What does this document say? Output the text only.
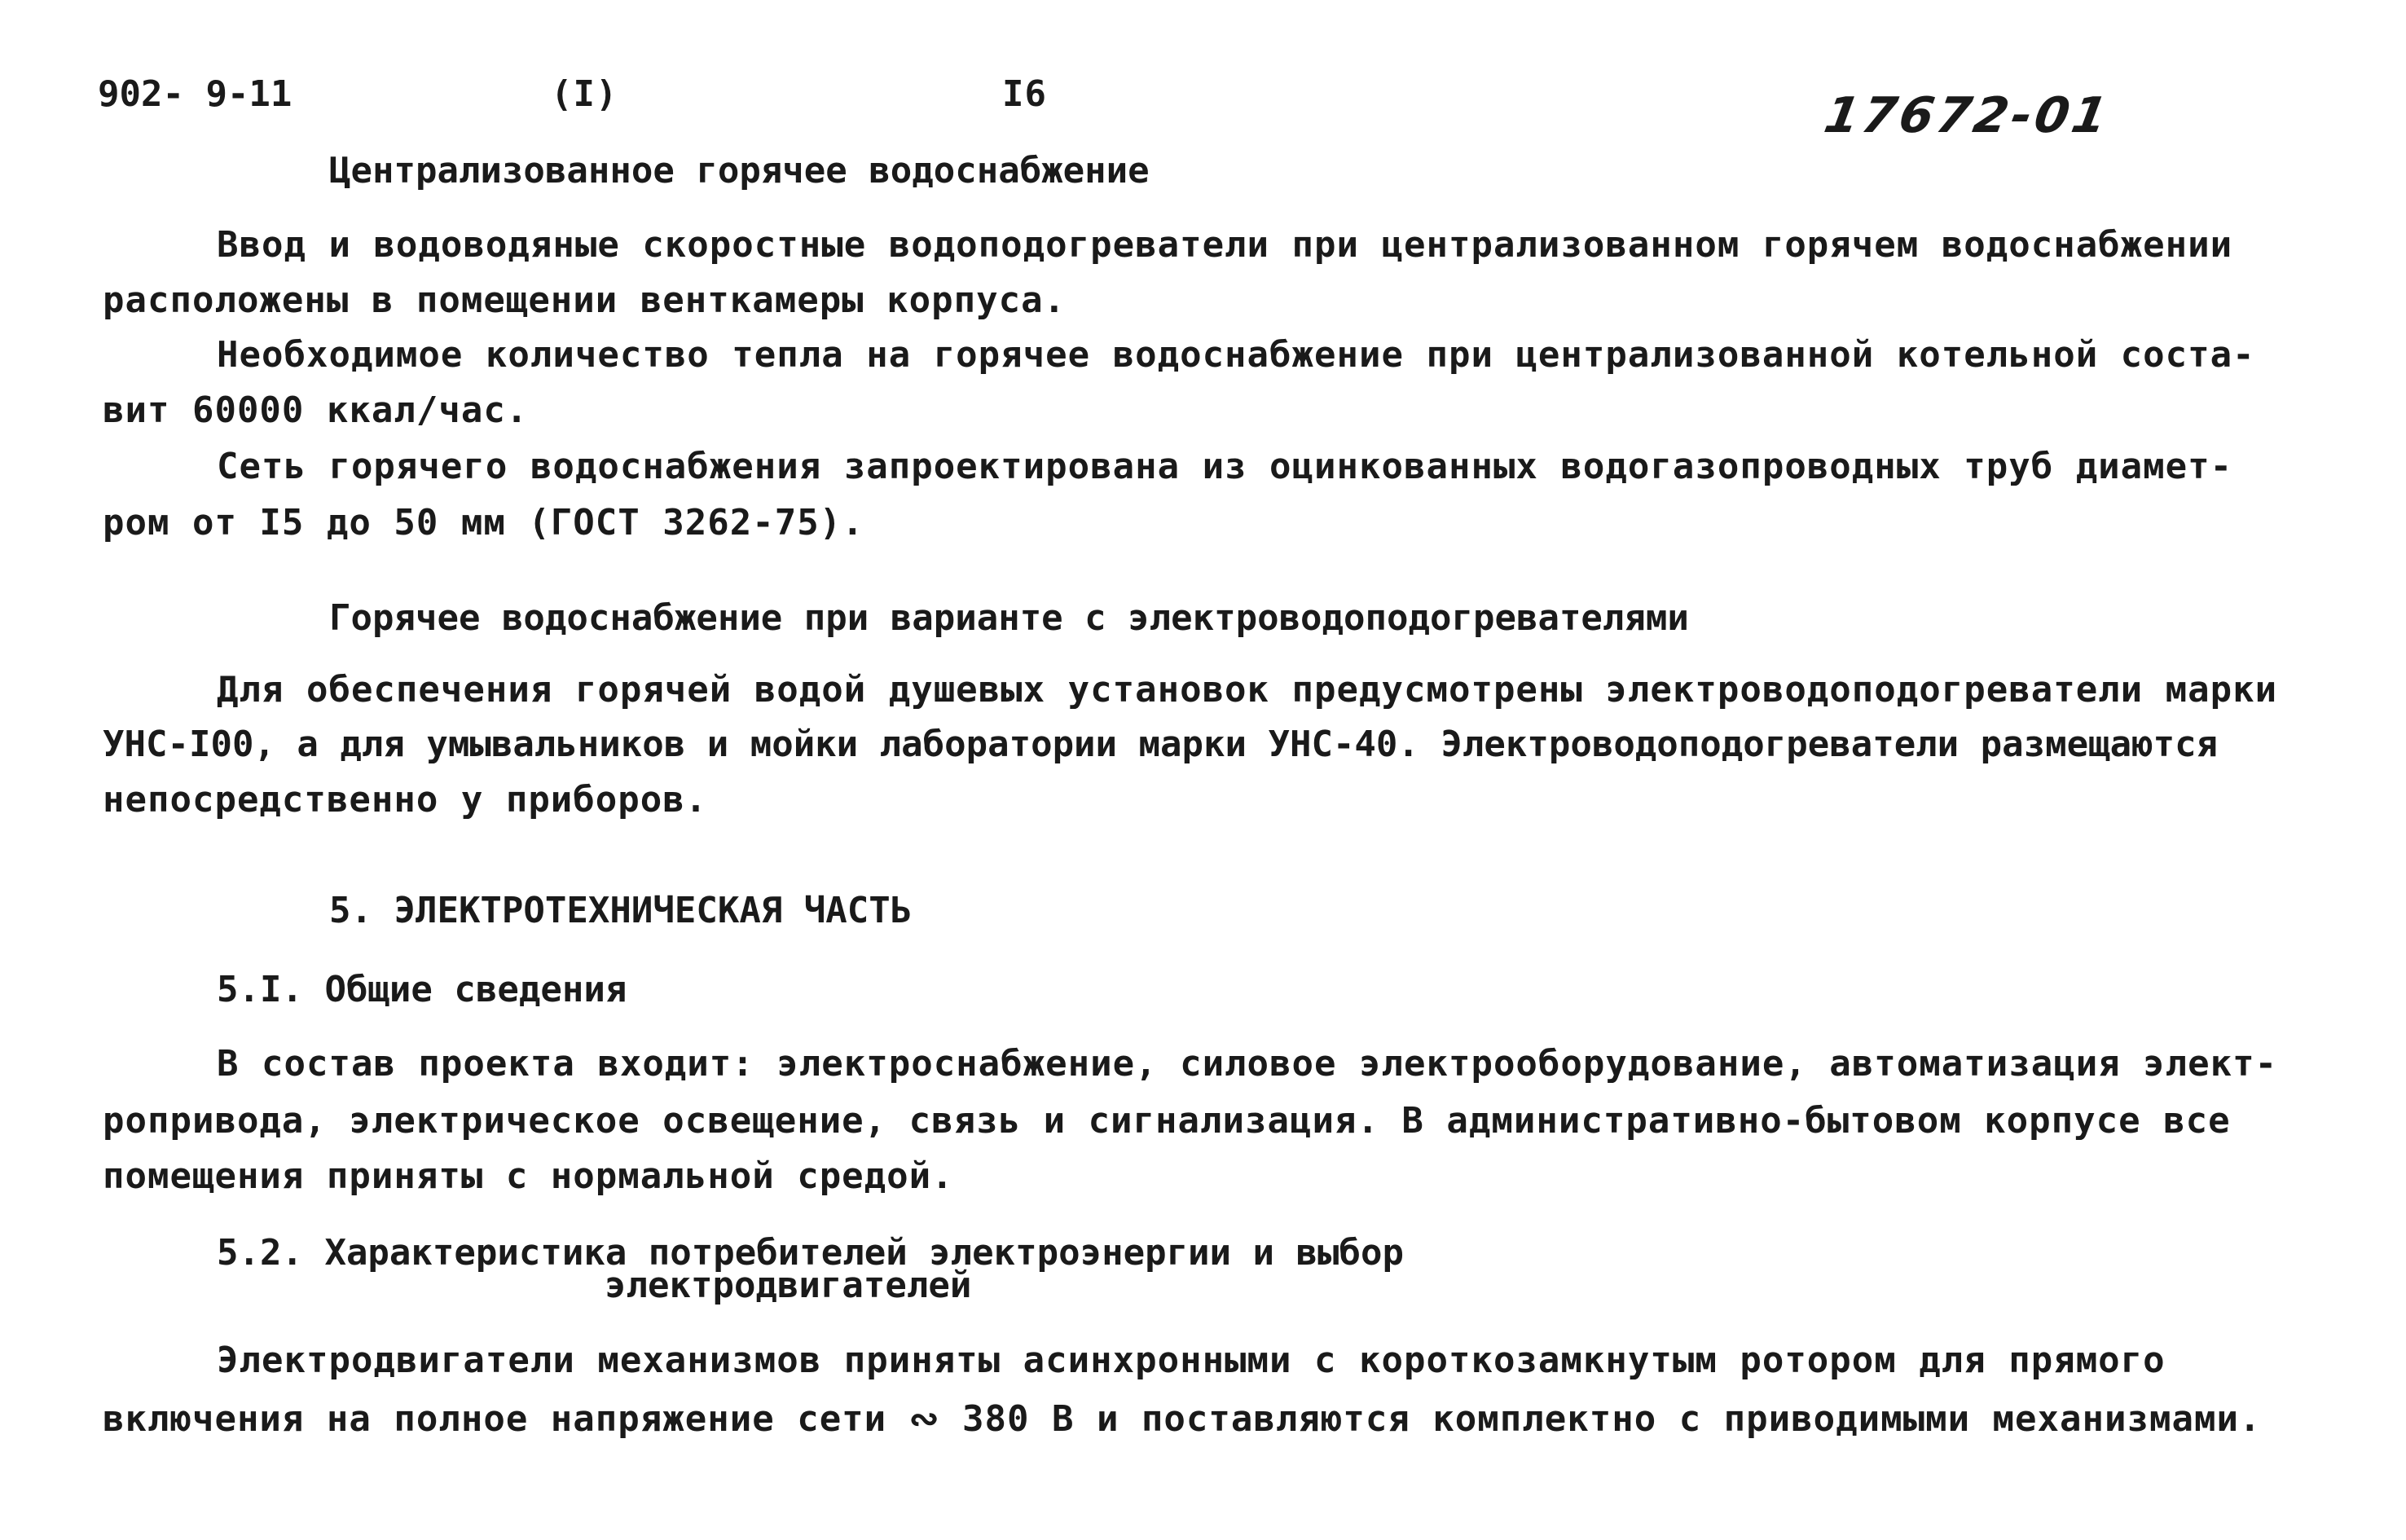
902- 9-11	(I)	I6	17672-01
Централизованное горячее водоснабжение
Ввод и водоводяные скоростные водоподогреватели при централизованном горячем водоснабжении
расположены в помещении венткамеры корпуса.
Необходимое количество тепла на горячее водоснабжение при централизованной котельной соста-
вит 60000 ккал/час.
Сеть горячего водоснабжения запроектирована из оцинкованных водогазопроводных труб диамет-
ром от I5 до 50 мм (ГОСТ 3262-75).
Горячее водоснабжение при варианте с электроводоподогревателями
Для обеспечения горячей водой душевых установок предусмотрены электроводоподогреватели марки
УНС-I00, а для умывальников и мойки лаборатории марки УНС-40. Электроводоподогреватели размещаются
непосредственно у приборов.
5. ЭЛЕКТРОТЕХНИЧЕСКАЯ ЧАСТЬ
5.I. Общие сведения
В состав проекта входит: электроснабжение, силовое электрооборудование, автоматизация элект-
ропривода, электрическое освещение, связь и сигнализация. В административно-бытовом корпусе все
помещения приняты с нормальной средой.
5.2. Характеристика потребителей электроэнергии и выбор
электродвигателей
Электродвигатели механизмов приняты асинхронными с короткозамкнутым ротором для прямого
включения на полное напряжение сети ∾ 380 В и поставляются комплектно с приводимыми механизмами.
